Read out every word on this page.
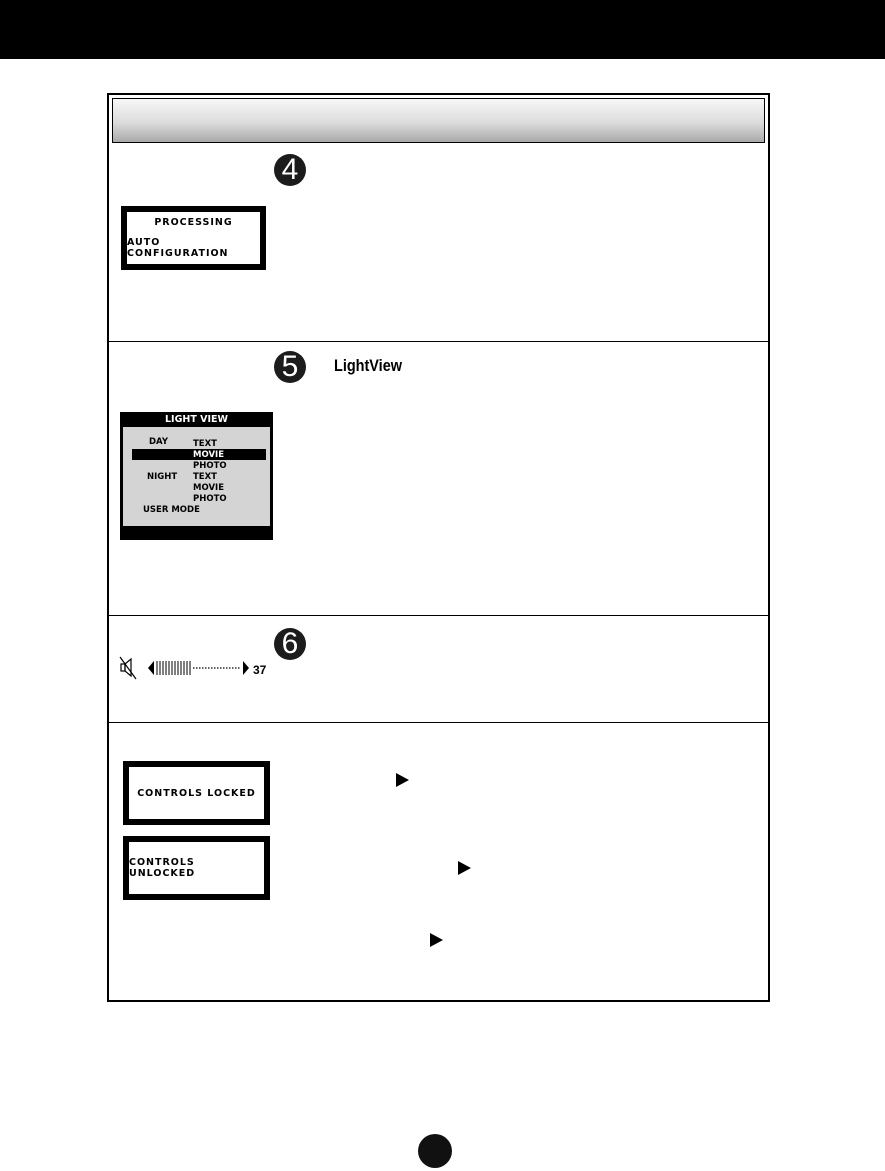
4
PROCESSING
AUTO CONFIGURATION
5	LightView
LIGHT VIEW
DAY	TEXT
MOVIE
PHOTO
NIGHT TEXT
MOVIE
PHOTO
USER MODE
6
37
CONTROLS LOCKED
CONTROLS UNLOCKED
